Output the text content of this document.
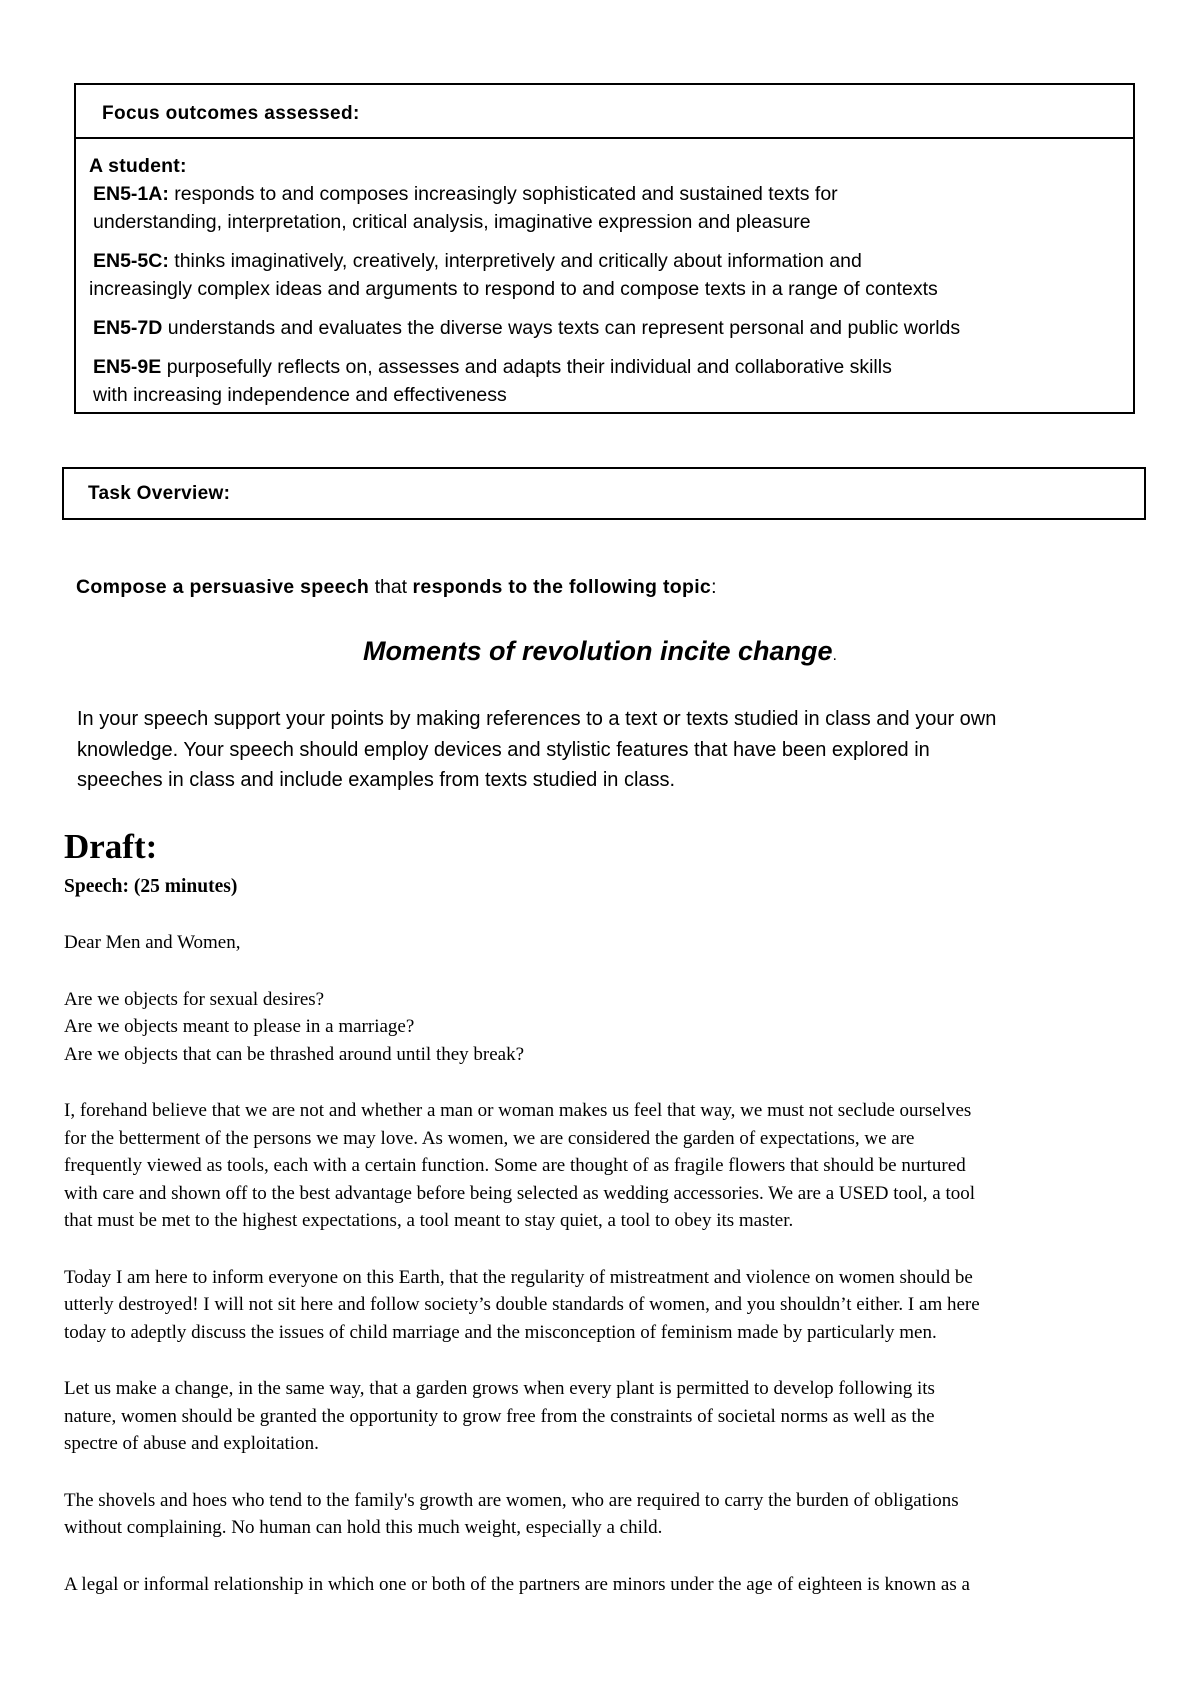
Focus outcomes assessed:
A student:
EN5-1A: responds to and composes increasingly sophisticated and sustained texts for
understanding, interpretation, critical analysis, imaginative expression and pleasure
EN5-5C: thinks imaginatively, creatively, interpretively and critically about information and
increasingly complex ideas and arguments to respond to and compose texts in a range of contexts
EN5-7D understands and evaluates the diverse ways texts can represent personal and public worlds
EN5-9E purposefully reflects on, assesses and adapts their individual and collaborative skills
with increasing independence and effectiveness
Task Overview:
Compose a persuasive speech that responds to the following topic:
Moments of revolution incite change.
In your speech support your points by making references to a text or texts studied in class and your own
knowledge. Your speech should employ devices and stylistic features that have been explored in
speeches in class and include examples from texts studied in class.
Draft:
Speech: (25 minutes)
Dear Men and Women,
Are we objects for sexual desires?
Are we objects meant to please in a marriage?
Are we objects that can be thrashed around until they break?
I, forehand believe that we are not and whether a man or woman makes us feel that way, we must not seclude ourselves
for the betterment of the persons we may love. As women, we are considered the garden of expectations, we are
frequently viewed as tools, each with a certain function. Some are thought of as fragile flowers that should be nurtured
with care and shown off to the best advantage before being selected as wedding accessories. We are a USED tool, a tool
that must be met to the highest expectations, a tool meant to stay quiet, a tool to obey its master.
Today I am here to inform everyone on this Earth, that the regularity of mistreatment and violence on women should be
utterly destroyed! I will not sit here and follow society’s double standards of women, and you shouldn’t either. I am here
today to adeptly discuss the issues of child marriage and the misconception of feminism made by particularly men.
Let us make a change, in the same way, that a garden grows when every plant is permitted to develop following its
nature, women should be granted the opportunity to grow free from the constraints of societal norms as well as the
spectre of abuse and exploitation.
The shovels and hoes who tend to the family's growth are women, who are required to carry the burden of obligations
without complaining. No human can hold this much weight, especially a child.
A legal or informal relationship in which one or both of the partners are minors under the age of eighteen is known as a
